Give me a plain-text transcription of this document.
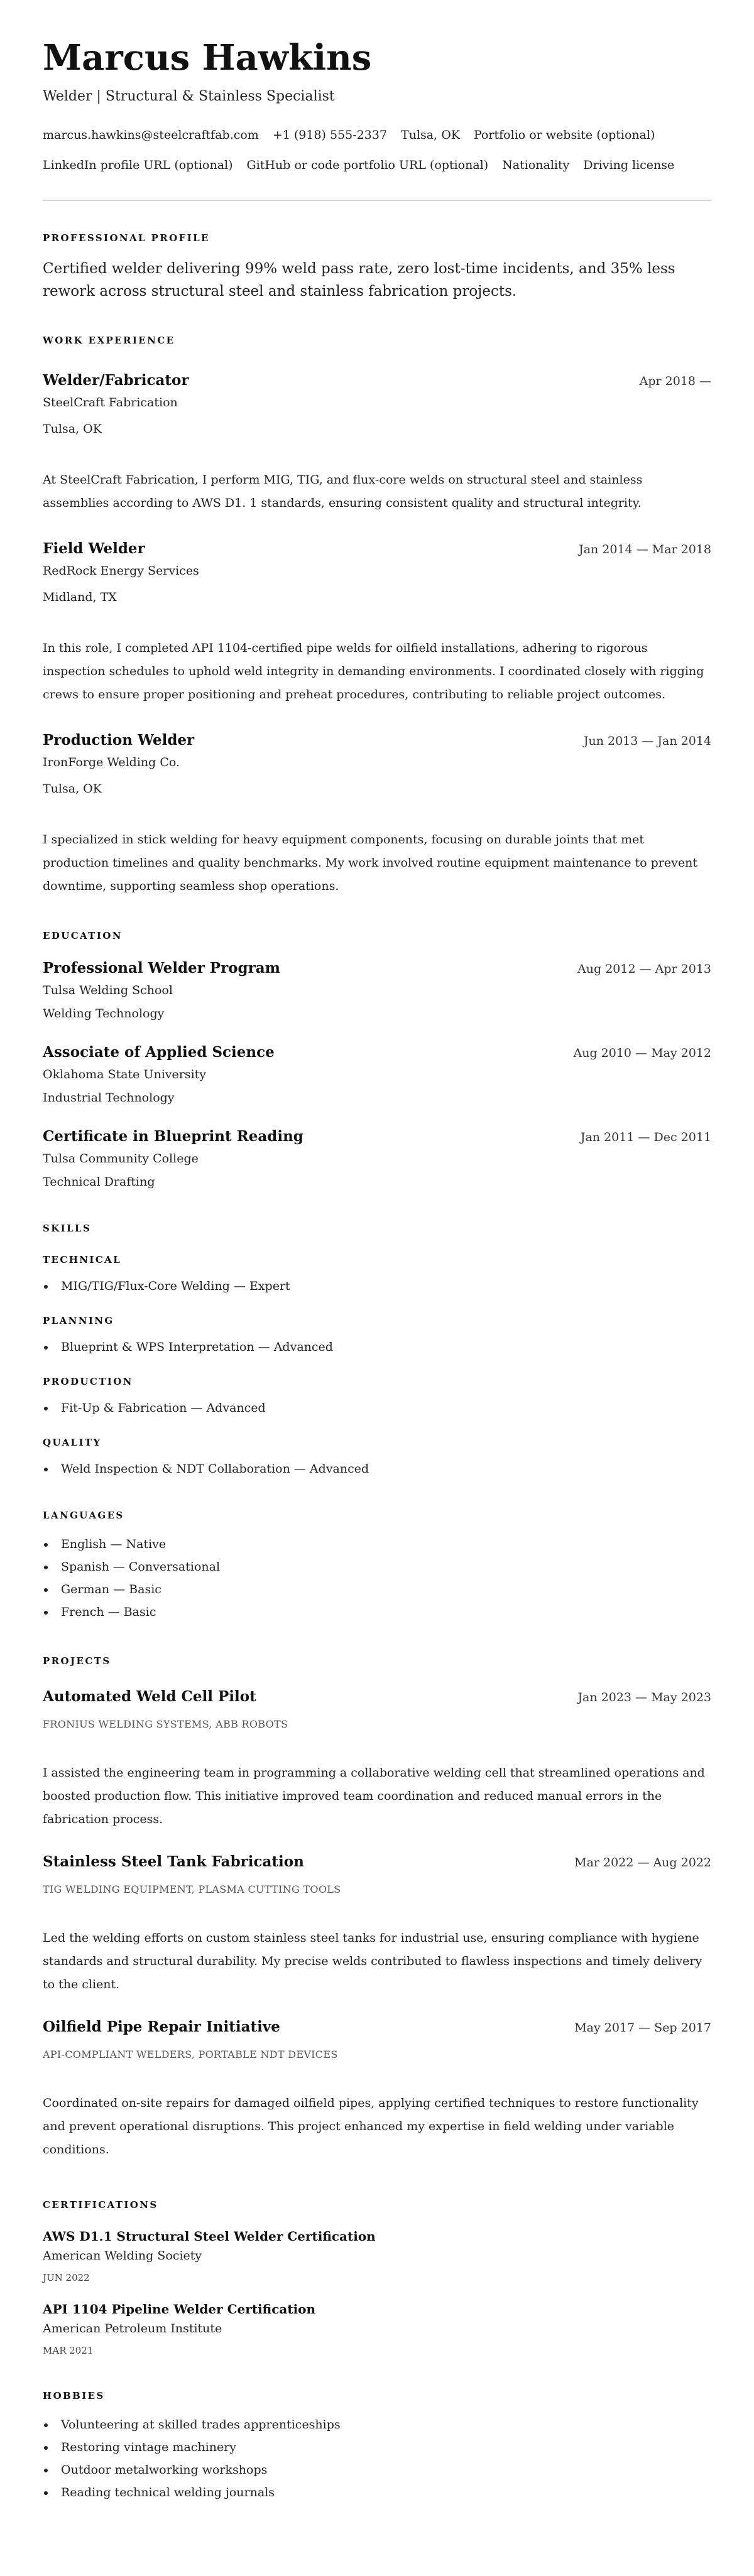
Marcus Hawkins
Welder | Structural & Stainless Specialist
marcus.hawkins@steelcraftfab.com +1 (918) 555-2337 Tulsa, OK Portfolio or website (optional)
LinkedIn profile URL (optional) GitHub or code portfolio URL (optional) Nationality Driving license
PROFESSIONAL PROFILE
Certified welder delivering 99% weld pass rate, zero lost-time incidents, and 35% less rework across structural steel and stainless fabrication projects.
WORK EXPERIENCE
Welder/Fabricator	Apr 2018 —
SteelCraft Fabrication
Tulsa, OK
At SteelCraft Fabrication, I perform MIG, TIG, and flux-core welds on structural steel and stainless assemblies according to AWS D1. 1 standards, ensuring consistent quality and structural integrity.
Field Welder	Jan 2014 — Mar 2018
RedRock Energy Services
Midland, TX
In this role, I completed API 1104-certified pipe welds for oilfield installations, adhering to rigorous inspection schedules to uphold weld integrity in demanding environments. I coordinated closely with rigging crews to ensure proper positioning and preheat procedures, contributing to reliable project outcomes.
Production Welder	Jun 2013 — Jan 2014
IronForge Welding Co.
Tulsa, OK
I specialized in stick welding for heavy equipment components, focusing on durable joints that met production timelines and quality benchmarks. My work involved routine equipment maintenance to prevent downtime, supporting seamless shop operations.
EDUCATION
Professional Welder Program	Aug 2012 — Apr 2013
Tulsa Welding School
Welding Technology
Associate of Applied Science	Aug 2010 — May 2012
Oklahoma State University
Industrial Technology
Certificate in Blueprint Reading	Jan 2011 — Dec 2011
Tulsa Community College
Technical Drafting
SKILLS
TECHNICAL
MIG/TIG/Flux-Core Welding — Expert
PLANNING
Blueprint & WPS Interpretation — Advanced
PRODUCTION
Fit-Up & Fabrication — Advanced
QUALITY
Weld Inspection & NDT Collaboration — Advanced
LANGUAGES
English — Native
Spanish — Conversational
German — Basic
French — Basic
PROJECTS
Automated Weld Cell Pilot	Jan 2023 — May 2023
FRONIUS WELDING SYSTEMS, ABB ROBOTS
I assisted the engineering team in programming a collaborative welding cell that streamlined operations and boosted production flow. This initiative improved team coordination and reduced manual errors in the fabrication process.
Stainless Steel Tank Fabrication	Mar 2022 — Aug 2022
TIG WELDING EQUIPMENT, PLASMA CUTTING TOOLS
Led the welding efforts on custom stainless steel tanks for industrial use, ensuring compliance with hygiene standards and structural durability. My precise welds contributed to flawless inspections and timely delivery to the client.
Oilfield Pipe Repair Initiative	May 2017 — Sep 2017
API-COMPLIANT WELDERS, PORTABLE NDT DEVICES
Coordinated on-site repairs for damaged oilfield pipes, applying certified techniques to restore functionality and prevent operational disruptions. This project enhanced my expertise in field welding under variable conditions.
CERTIFICATIONS
AWS D1.1 Structural Steel Welder Certification
American Welding Society
JUN 2022
API 1104 Pipeline Welder Certification
American Petroleum Institute
MAR 2021
HOBBIES
Volunteering at skilled trades apprenticeships
Restoring vintage machinery
Outdoor metalworking workshops
Reading technical welding journals
